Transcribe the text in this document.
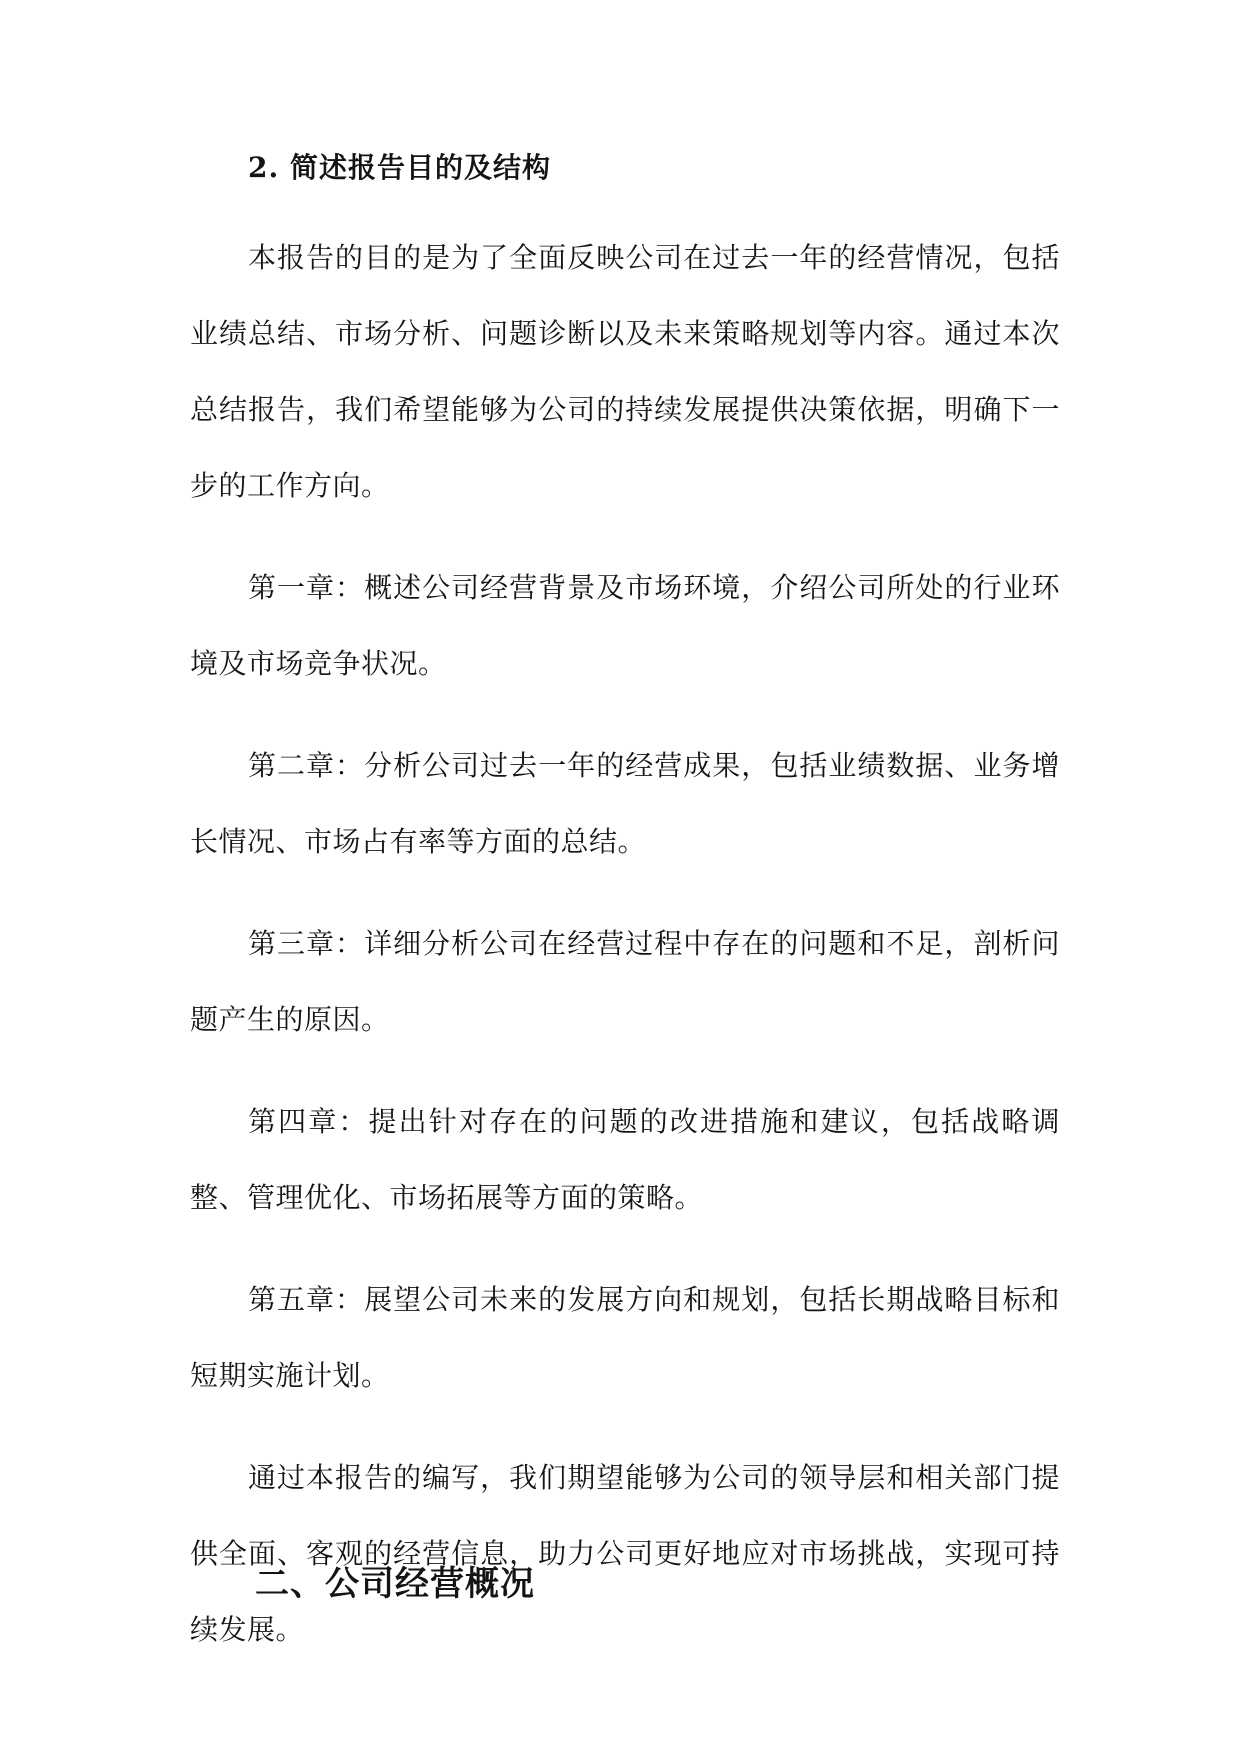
2. 简述报告目的及结构

本报告的目的是为了全面反映公司在过去一年的经营情况，包括业绩总结、市场分析、问题诊断以及未来策略规划等内容。通过本次总结报告，我们希望能够为公司的持续发展提供决策依据，明确下一步的工作方向。

第一章：概述公司经营背景及市场环境，介绍公司所处的行业环境及市场竞争状况。

第二章：分析公司过去一年的经营成果，包括业绩数据、业务增长情况、市场占有率等方面的总结。

第三章：详细分析公司在经营过程中存在的问题和不足，剖析问题产生的原因。

第四章：提出针对存在的问题的改进措施和建议，包括战略调整、管理优化、市场拓展等方面的策略。

第五章：展望公司未来的发展方向和规划，包括长期战略目标和短期实施计划。

通过本报告的编写，我们期望能够为公司的领导层和相关部门提供全面、客观的经营信息，助力公司更好地应对市场挑战，实现可持续发展。

二、公司经营概况
